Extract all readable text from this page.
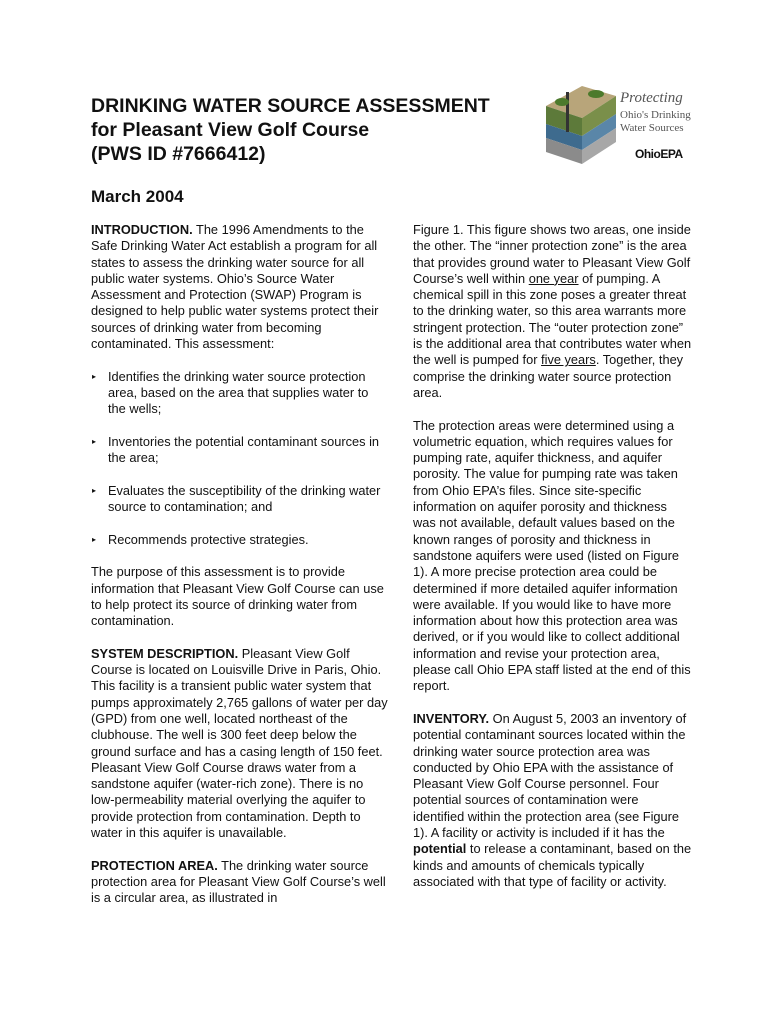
DRINKING WATER SOURCE ASSESSMENT
for Pleasant View Golf Course
(PWS ID #7666412)
March 2004
Protecting
Ohio's Drinking
Water Sources
OhioEPA

INTRODUCTION. The 1996 Amendments to the Safe Drinking Water Act establish a program for all states to assess the drinking water source for all public water systems. Ohio’s Source Water Assessment and Protection (SWAP) Program is designed to help public water systems protect their sources of drinking water from becoming contaminated. This assessment:

▸ Identifies the drinking water source protection area, based on the area that supplies water to the wells;
▸ Inventories the potential contaminant sources in the area;
▸ Evaluates the susceptibility of the drinking water source to contamination; and
▸ Recommends protective strategies.

The purpose of this assessment is to provide information that Pleasant View Golf Course can use to help protect its source of drinking water from contamination.

SYSTEM DESCRIPTION. Pleasant View Golf Course is located on Louisville Drive in Paris, Ohio. This facility is a transient public water system that pumps approximately 2,765 gallons of water per day (GPD) from one well, located northeast of the clubhouse. The well is 300 feet deep below the ground surface and has a casing length of 150 feet. Pleasant View Golf Course draws water from a sandstone aquifer (water-rich zone). There is no low-permeability material overlying the aquifer to provide protection from contamination. Depth to water in this aquifer is unavailable.

PROTECTION AREA. The drinking water source protection area for Pleasant View Golf Course’s well is a circular area, as illustrated in

Figure 1. This figure shows two areas, one inside the other. The “inner protection zone” is the area that provides ground water to Pleasant View Golf Course’s well within one year of pumping. A chemical spill in this zone poses a greater threat to the drinking water, so this area warrants more stringent protection. The “outer protection zone” is the additional area that contributes water when the well is pumped for five years. Together, they comprise the drinking water source protection area.

The protection areas were determined using a volumetric equation, which requires values for pumping rate, aquifer thickness, and aquifer porosity. The value for pumping rate was taken from Ohio EPA’s files. Since site-specific information on aquifer porosity and thickness was not available, default values based on the known ranges of porosity and thickness in sandstone aquifers were used (listed on Figure 1). A more precise protection area could be determined if more detailed aquifer information were available. If you would like to have more information about how this protection area was derived, or if you would like to collect additional information and revise your protection area, please call Ohio EPA staff listed at the end of this report.

INVENTORY. On August 5, 2003 an inventory of potential contaminant sources located within the drinking water source protection area was conducted by Ohio EPA with the assistance of Pleasant View Golf Course personnel. Four potential sources of contamination were identified within the protection area (see Figure 1). A facility or activity is included if it has the potential to release a contaminant, based on the kinds and amounts of chemicals typically associated with that type of facility or activity.
